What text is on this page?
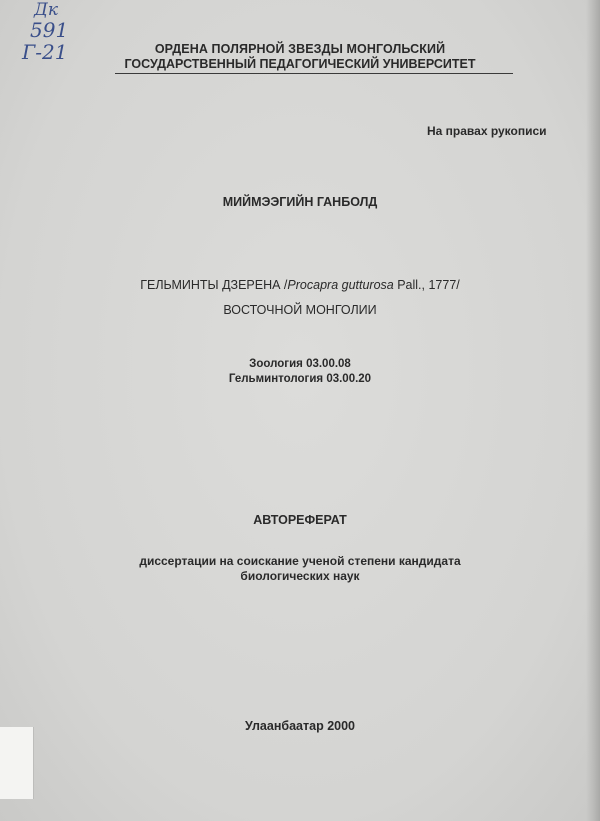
Дк
591
Г-21	ОРДЕНА ПОЛЯРНОЙ ЗВЕЗДЫ МОНГОЛЬСКИЙ
ГОСУДАРСТВЕННЫЙ ПЕДАГОГИЧЕСКИЙ УНИВЕРСИТЕТ
На правах рукописи
МИЙМЭЭГИЙН ГАНБОЛД
ГЕЛЬМИНТЫ ДЗЕРЕНА /Procapra gutturosa Pall., 1777/
ВОСТОЧНОЙ МОНГОЛИИ
Зоология 03.00.08
Гельминтология 03.00.20
АВТОРЕФЕРАТ
диссертации на соискание ученой степени кандидата
биологических наук
Улаанбаатар 2000
